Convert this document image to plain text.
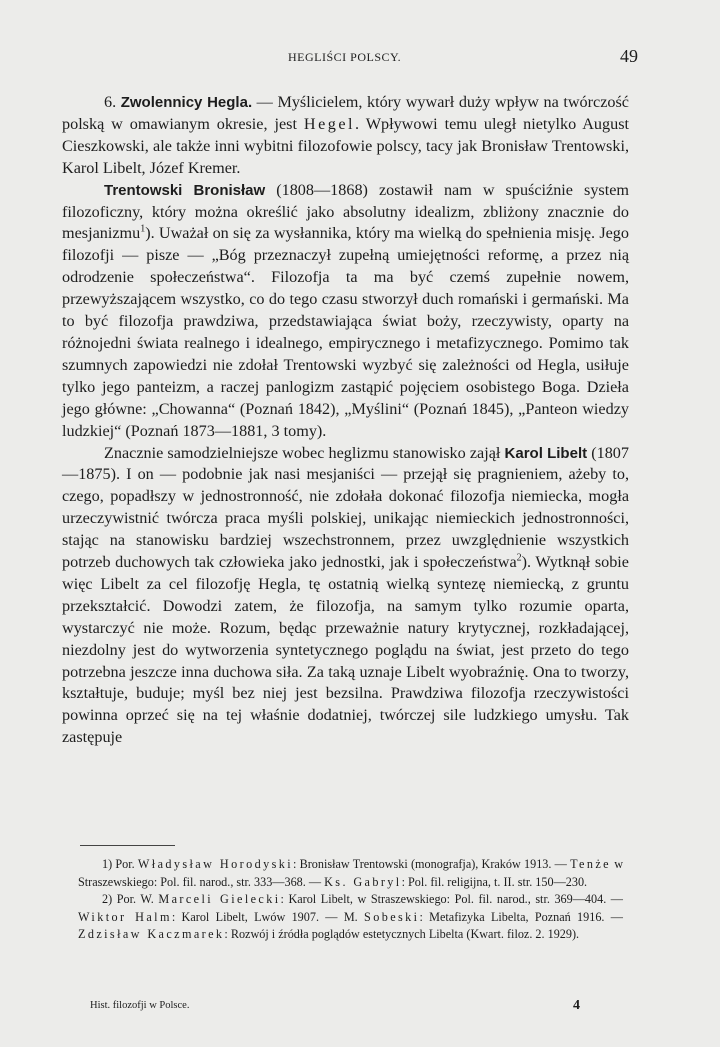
HEGLIŚCI POLSCY.	49

6. Zwolennicy Hegla. — Myślicielem, który wywarł duży wpływ na twórczość polską w omawianym okresie, jest Hegel. Wpływowi temu uległ nietylko August Cieszkowski, ale także inni wybitni filozofowie polscy, tacy jak Bronisław Trentowski, Karol Libelt, Józef Kremer.

Trentowski Bronisław (1808—1868) zostawił nam w spuściźnie system filozoficzny, który można określić jako absolutny idealizm, zbliżony znacznie do mesjanizmu$^1$). Uważał on się za wysłannika, który ma wielką do spełnienia misję. Jego filozofji — pisze — „Bóg przeznaczył zupełną umiejętności reformę, a przez nią odrodzenie społeczeństwa“. Filozofja ta ma być czemś zupełnie nowem, przewyższającem wszystko, co do tego czasu stworzył duch romański i germański. Ma to być filozofja prawdziwa, przedstawiająca świat boży, rzeczywisty, oparty na różnojedni świata realnego i idealnego, empirycznego i metafizycznego. Pomimo tak szumnych zapowiedzi nie zdołał Trentowski wyzbyć się zależności od Hegla, usiłuje tylko jego panteizm, a raczej panlogizm zastąpić pojęciem osobistego Boga. Dzieła jego główne: „Chowanna“ (Poznań 1842), „Myślini“ (Poznań 1845), „Panteon wiedzy ludzkiej“ (Poznań 1873—1881, 3 tomy).

Znacznie samodzielniejsze wobec heglizmu stanowisko zajął Karol Libelt (1807—1875). I on — podobnie jak nasi mesjaniści — przejął się pragnieniem, ażeby to, czego, popadłszy w jednostronność, nie zdołała dokonać filozofja niemiecka, mogła urzeczywistnić twórcza praca myśli polskiej, unikając niemieckich jednostronności, stając na stanowisku bardziej wszechstronnem, przez uwzględnienie wszystkich potrzeb duchowych tak człowieka jako jednostki, jak i społeczeństwa$^2$). Wytknął sobie więc Libelt za cel filozofję Hegla, tę ostatnią wielką syntezę niemiecką, z gruntu przekształcić. Dowodzi zatem, że filozofja, na samym tylko rozumie oparta, wystarczyć nie może. Rozum, będąc przeważnie natury krytycznej, rozkładającej, niezdolny jest do wytworzenia syntetycznego poglądu na świat, jest przeto do tego potrzebna jeszcze inna duchowa siła. Za taką uznaje Libelt wyobraźnię. Ona to tworzy, kształtuje, buduje; myśl bez niej jest bezsilna. Prawdziwa filozofja rzeczywistości powinna oprzeć się na tej właśnie dodatniej, twórczej sile ludzkiego umysłu. Tak zastępuje

1) Por. Władysław Horodyski: Bronisław Trentowski (monografja), Kraków 1913. — Tenże w Straszewskiego: Pol. fil. narod., str. 333—368. — Ks. Gabryl: Pol. fil. religijna, t. II. str. 150—230.

2) Por. W. Marceli Gielecki: Karol Libelt, w Straszewskiego: Pol. fil. narod., str. 369—404. — Wiktor Halm: Karol Libelt, Lwów 1907. — M. Sobeski: Metafizyka Libelta, Poznań 1916. — Zdzisław Kaczmarek: Rozwój i źródła poglądów estetycznych Libelta (Kwart. filoz. 2. 1929).

Hist. filozofji w Polsce.	4
